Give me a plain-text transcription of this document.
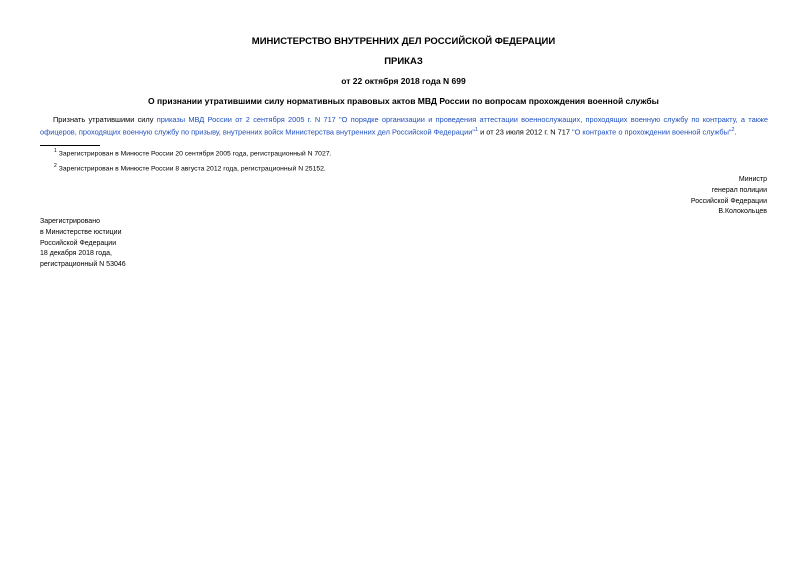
МИНИСТЕРСТВО ВНУТРЕННИХ ДЕЛ РОССИЙСКОЙ ФЕДЕРАЦИИ
ПРИКАЗ
от 22 октября 2018 года N 699
О признании утратившими силу нормативных правовых актов МВД России по вопросам прохождения военной службы
Признать утратившими силу приказы МВД России от 2 сентября 2005 г. N 717 "О порядке организации и проведения аттестации военнослужащих, проходящих военную службу по контракту, а также офицеров, проходящих военную службу по призыву, внутренних войск Министерства внутренних дел Российской Федерации"$^1$ и от 23 июля 2012 г. N 717 "О контракте о прохождении военной службы"$^2$.
$^1$ Зарегистрирован в Минюсте России 20 сентября 2005 года, регистрационный N 7027.
$^2$ Зарегистрирован в Минюсте России 8 августа 2012 года, регистрационный N 25152.
Министр
генерал полиции
Российской Федерации
В.Колокольцев
Зарегистрировано
в Министерстве юстиции
Российской Федерации
18 декабря 2018 года,
регистрационный N 53046
